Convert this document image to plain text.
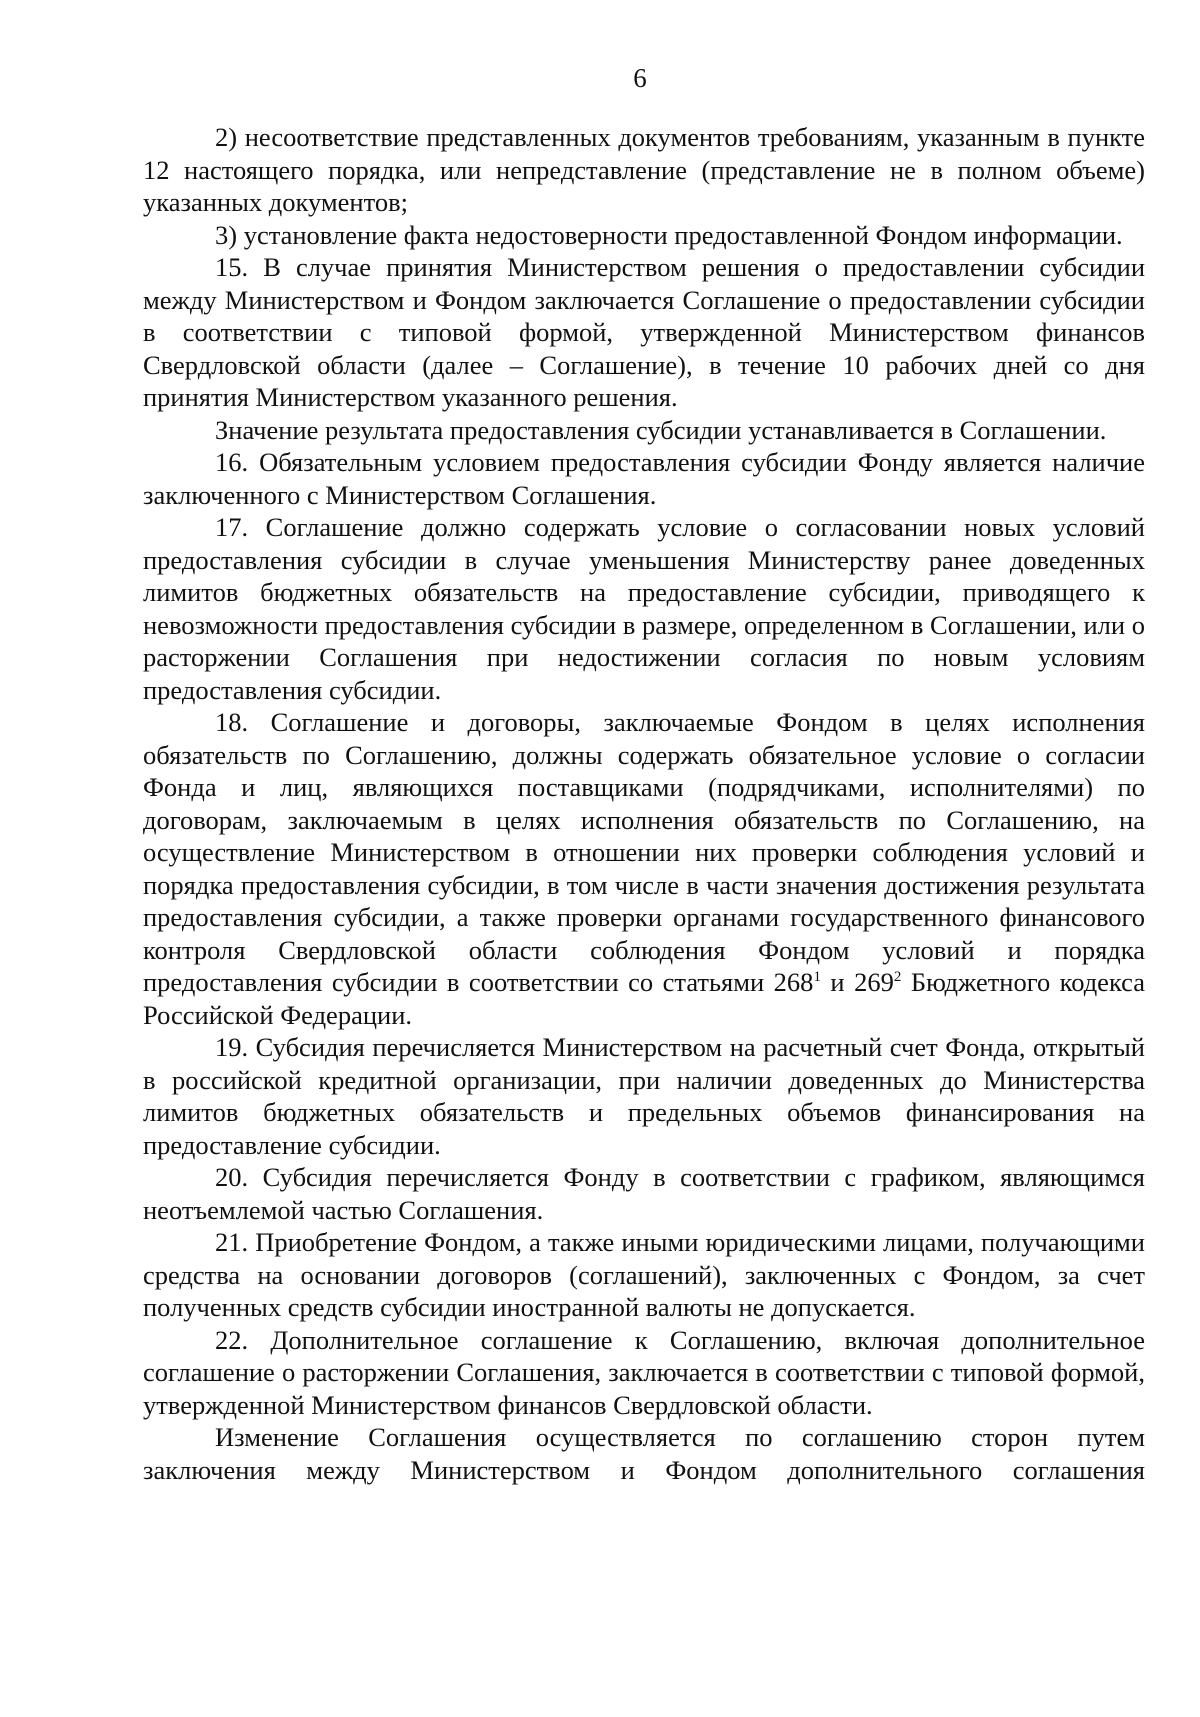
6

2) несоответствие представленных документов требованиям, указанным в пункте 12 настоящего порядка, или непредставление (представление не в полном объеме) указанных документов;

3) установление факта недостоверности предоставленной Фондом информации.

15. В случае принятия Министерством решения о предоставлении субсидии между Министерством и Фондом заключается Соглашение о предоставлении субсидии в соответствии с типовой формой, утвержденной Министерством финансов Свердловской области (далее – Соглашение), в течение 10 рабочих дней со дня принятия Министерством указанного решения.

Значение результата предоставления субсидии устанавливается в Соглашении.

16. Обязательным условием предоставления субсидии Фонду является наличие заключенного с Министерством Соглашения.

17. Соглашение должно содержать условие о согласовании новых условий предоставления субсидии в случае уменьшения Министерству ранее доведенных лимитов бюджетных обязательств на предоставление субсидии, приводящего к невозможности предоставления субсидии в размере, определенном в Соглашении, или о расторжении Соглашения при недостижении согласия по новым условиям предоставления субсидии.

18. Соглашение и договоры, заключаемые Фондом в целях исполнения обязательств по Соглашению, должны содержать обязательное условие о согласии Фонда и лиц, являющихся поставщиками (подрядчиками, исполнителями) по договорам, заключаемым в целях исполнения обязательств по Соглашению, на осуществление Министерством в отношении них проверки соблюдения условий и порядка предоставления субсидии, в том числе в части значения достижения результата предоставления субсидии, а также проверки органами государственного финансового контроля Свердловской области соблюдения Фондом условий и порядка предоставления субсидии в соответствии со статьями $268^1$ и $269^2$ Бюджетного кодекса Российской Федерации.

19. Субсидия перечисляется Министерством на расчетный счет Фонда, открытый в российской кредитной организации, при наличии доведенных до Министерства лимитов бюджетных обязательств и предельных объемов финансирования на предоставление субсидии.

20. Субсидия перечисляется Фонду в соответствии с графиком, являющимся неотъемлемой частью Соглашения.

21. Приобретение Фондом, а также иными юридическими лицами, получающими средства на основании договоров (соглашений), заключенных с Фондом, за счет полученных средств субсидии иностранной валюты не допускается.

22. Дополнительное соглашение к Соглашению, включая дополнительное соглашение о расторжении Соглашения, заключается в соответствии с типовой формой, утвержденной Министерством финансов Свердловской области.

Изменение Соглашения осуществляется по соглашению сторон путем заключения между Министерством и Фондом дополнительного соглашения
